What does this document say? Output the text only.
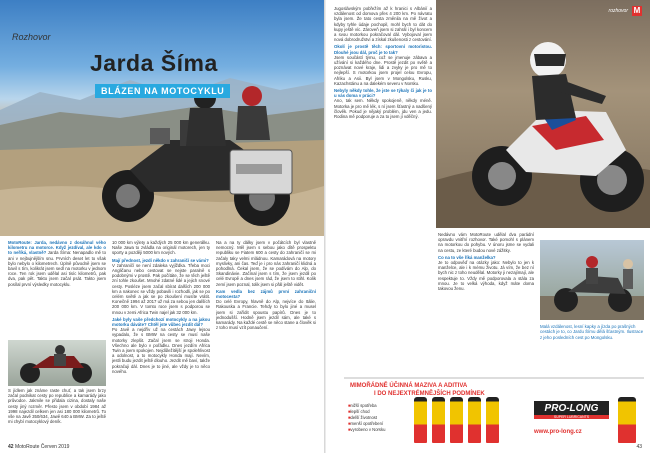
Rozhovor
Jarda Šíma
BLÁZEN NA MOTOCYKLU
MotoRoute: Jarda, nedávno z dosáhnul vého kilometru na motorce. Když jezdíval, ale kdo o to neříká, vlastně? Jarda Šíma: Nenapadlo mě to ani v nejbujnějším snu. Prvních deset let to však bylo nebylo o kilometrech. Úplně původně jsem se bavil s tím, kolikrát jsem sedl na motorku v jednom roce. Ten rok jsem udělal asi tisíc kilometrů, pak dva, pak pět. Takto jsem začal psát. Takto jsem posílal první výsledky motocyklu.
S jídlem jak známe raste chuť, a tak jsem brzy začal podnikat cesty po republice a kamarády jako průvodce. Jakmile se přidala cizina, dostaly naše cesty jiný rozměr. Přesto jsem v období 1984 až 1998 najezdil celkem jen asi 180 000 kilometrů. To vše na Javě 350/634, Jawě 640 a BMW. Za to ještě mi chybí motocyklový deník.
10 000 km výlety a každých 25 000 km generálku. Naše Jawa to zvládla na originál motorech, jen ty sporty a později 5000 km nových.
Mají přednost, jezdí někdo v zahraničí se vámi?
V zahraničí se není zdaleka vyjíždka. Třeba moci Angličanu nebo cestovat se nejste paralně s podobnými v prostě. Pak počítáte, že se těch ještě zní tohle zkoušet. Mnohé zdatné lidé a jejich snové cesty. Posléze jsem začal sbírat dalších 200 000 km a nakonec se vždy pobavili i rozhodli, jak se po celém světě a jak se po zkoušení musíte vrátit. Konečně 1994 až 2017 už má za sebou jen dalších 200 000 km. V tomto roce jsem s podporou se mnou v zemi Africa Twin najel jak 32 000 km.
Jaké byly vaše předchozí motocykly a na jakou motorku dáváte? Chtěl jste vůbec jezdit dál?
Po Javě a nejdřív už na cestách Jawy lejsou vypadalo, že s BMW na cesty se musí naše motorky zlepšit. Začal jsem se stroji Honda. Všechno ale bylo v pořádku. Dnes jezdím Africa Twin a jsem spokojen. Nejdůležitější je spolehlivost a odolnost, a to motocykly Honda mají. Nevím, jestli budu jezdit ještě dlouho. Jezdit mě baví, takže pokračuji dál. Dnes je to jiné, ale vždy je to něco nového.
Na a na ty dálky jsem v počátcích byl vlastně nemocný. Měl jsem s sebou jako dítě prospektu republiku se Fiatem 600 a cesty do zahraničí se mi začaly taky velmi mládnou. Kamarádová na motory myslivky, ani čas. Teď je i pro nás zahraničí klidná a pohodlná. Čekal jsem, že se podívám do Alp, do Skandinávie. Začínal jsem s tím, že jsem jezdil po celé Evropě a dnes jsem rád, že jsem to stihl. Kolik zemí jsem poznal, tolik jsem si přál ještě vidět.
Kam vedla bez zájmů první zahraniční motocesta?
Do celé Evropy, hlavně do Alp, nejvíce do Itálie, Rakouska a Francie. Tehdy to bylo jiné a musel jsem si zařídit spoustu papírů. Dnes je to jednodušší. Hodně jsem jezdil sám, ale také s kamarády. Na každé cestě se něco stane a člověk si z toho musí vzít ponaučení.
42 MotoRoute Červen 2019
rozhovor M
Jugoslávským pobřežím až k hranici s Albánií a vzdálenost od domova přes 4 200 km. Po návratu byla jsem. Že tato cesta změnila na mě život a kdyby tyhle údaje pochopil, mohl bych to dát do kupy ještě víc. Zároveň jsem si zahrál i byl koncem a svou motorkou pokračoval dál. Vybojoval jsem nová dobrodružství a získal zkušenosti z cestování.
Okolí je prostě těch: sportovní motoristou. Dlouhé jsou dál, proč je to tak?
Jsem součástí týmu, což se jmenuje zábava a užívání si každého dne. Prostě jezdit po světě a poznávat nové kraje, lidi a zvyky je pro mě to nejlepší. S motorkou jsem projel celou Evropu, Afriku a Asii. Byl jsem v Mongolsku, Rusku, Kazachstánu a na dalekém severu v Norsku.
Nebyly někdy tohle, že jste se týkaly či jak je to u vás doma v práci?
Ano, tak sem. Někdy spokojeně, někdy méně. Motorka je pro mě lék, s ní jsem šťastný a nadšený člověk. Pokud je nějaký problém, jdu ven a jedu. Rodina mě podporuje a za to jsem jí vděčný.
Nedávno vám MotoRoute udělal dva parádní opravdu vnitřní rozhovor. Také pomohl s plánem na motorkou do pohybu. V únoru jsme se vydali na cestu, ze které budou nové zážitky.
Co na to vše říká manželka?
Je to odpověď na otázky jako: Nebylo to jen k manželce, ale i k mému životu. Já vím, že bez ní bych nic z toho neudělal. Motorky ji nezajímají, ale respektuje to. Vždy mě podporovala a stála za mnou. Je to velká výhoda, když máte doma takovou ženu.
Malá vzdálenost, lesní kapky a jízda po prašných cestách je to, co Jardu Šímu dělá šťastným. Ilustrace z jeho posledních cest po Mongolsku.
MIMOŘÁDNĚ ÚČINNÁ MAZIVA A ADITIVA
I DO NEJEXTRÉMNĚJŠÍCH PODMÍNEK
■ nižší spotřeba
■ lepší chod
■ delší životnost
■ menší opotřebení
■ vyrobeno v Norsku
PRO-LONG
SUPER LUBRICANTS
www.pro-long.cz
43
